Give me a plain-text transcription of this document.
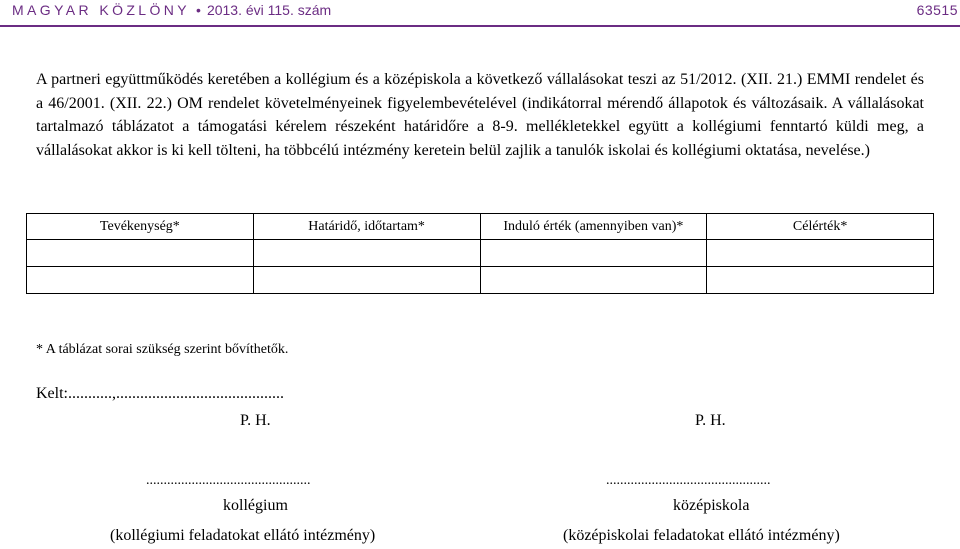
MAGYAR KÖZLÖNY • 2013. évi 115. szám	63515

A partneri együttműködés keretében a kollégium és a középiskola a következő vállalásokat teszi az 51/2012. (XII. 21.) EMMI rendelet és a 46/2001. (XII. 22.) OM rendelet követelményeinek figyelembevételével (indikátorral mérendő állapotok és változásaik. A vállalásokat tartalmazó táblázatot a támogatási kérelem részeként határidőre a 8-9. mellékletekkel együtt a kollégiumi fenntartó küldi meg, a vállalásokat akkor is ki kell tölteni, ha többcélú intézmény keretein belül zajlik a tanulók iskolai és kollégiumi oktatása, nevelése.)

Tevékenység*	Határidő, időtartam*	Induló érték (amennyiben van)*	Célérték*

* A táblázat sorai szükség szerint bővíthetők.
Kelt:...........,..........................................
P. H.	P. H.
...............................................	...............................................
kollégium	középiskola
(kollégiumi feladatokat ellátó intézmény)	(középiskolai feladatokat ellátó intézmény)
